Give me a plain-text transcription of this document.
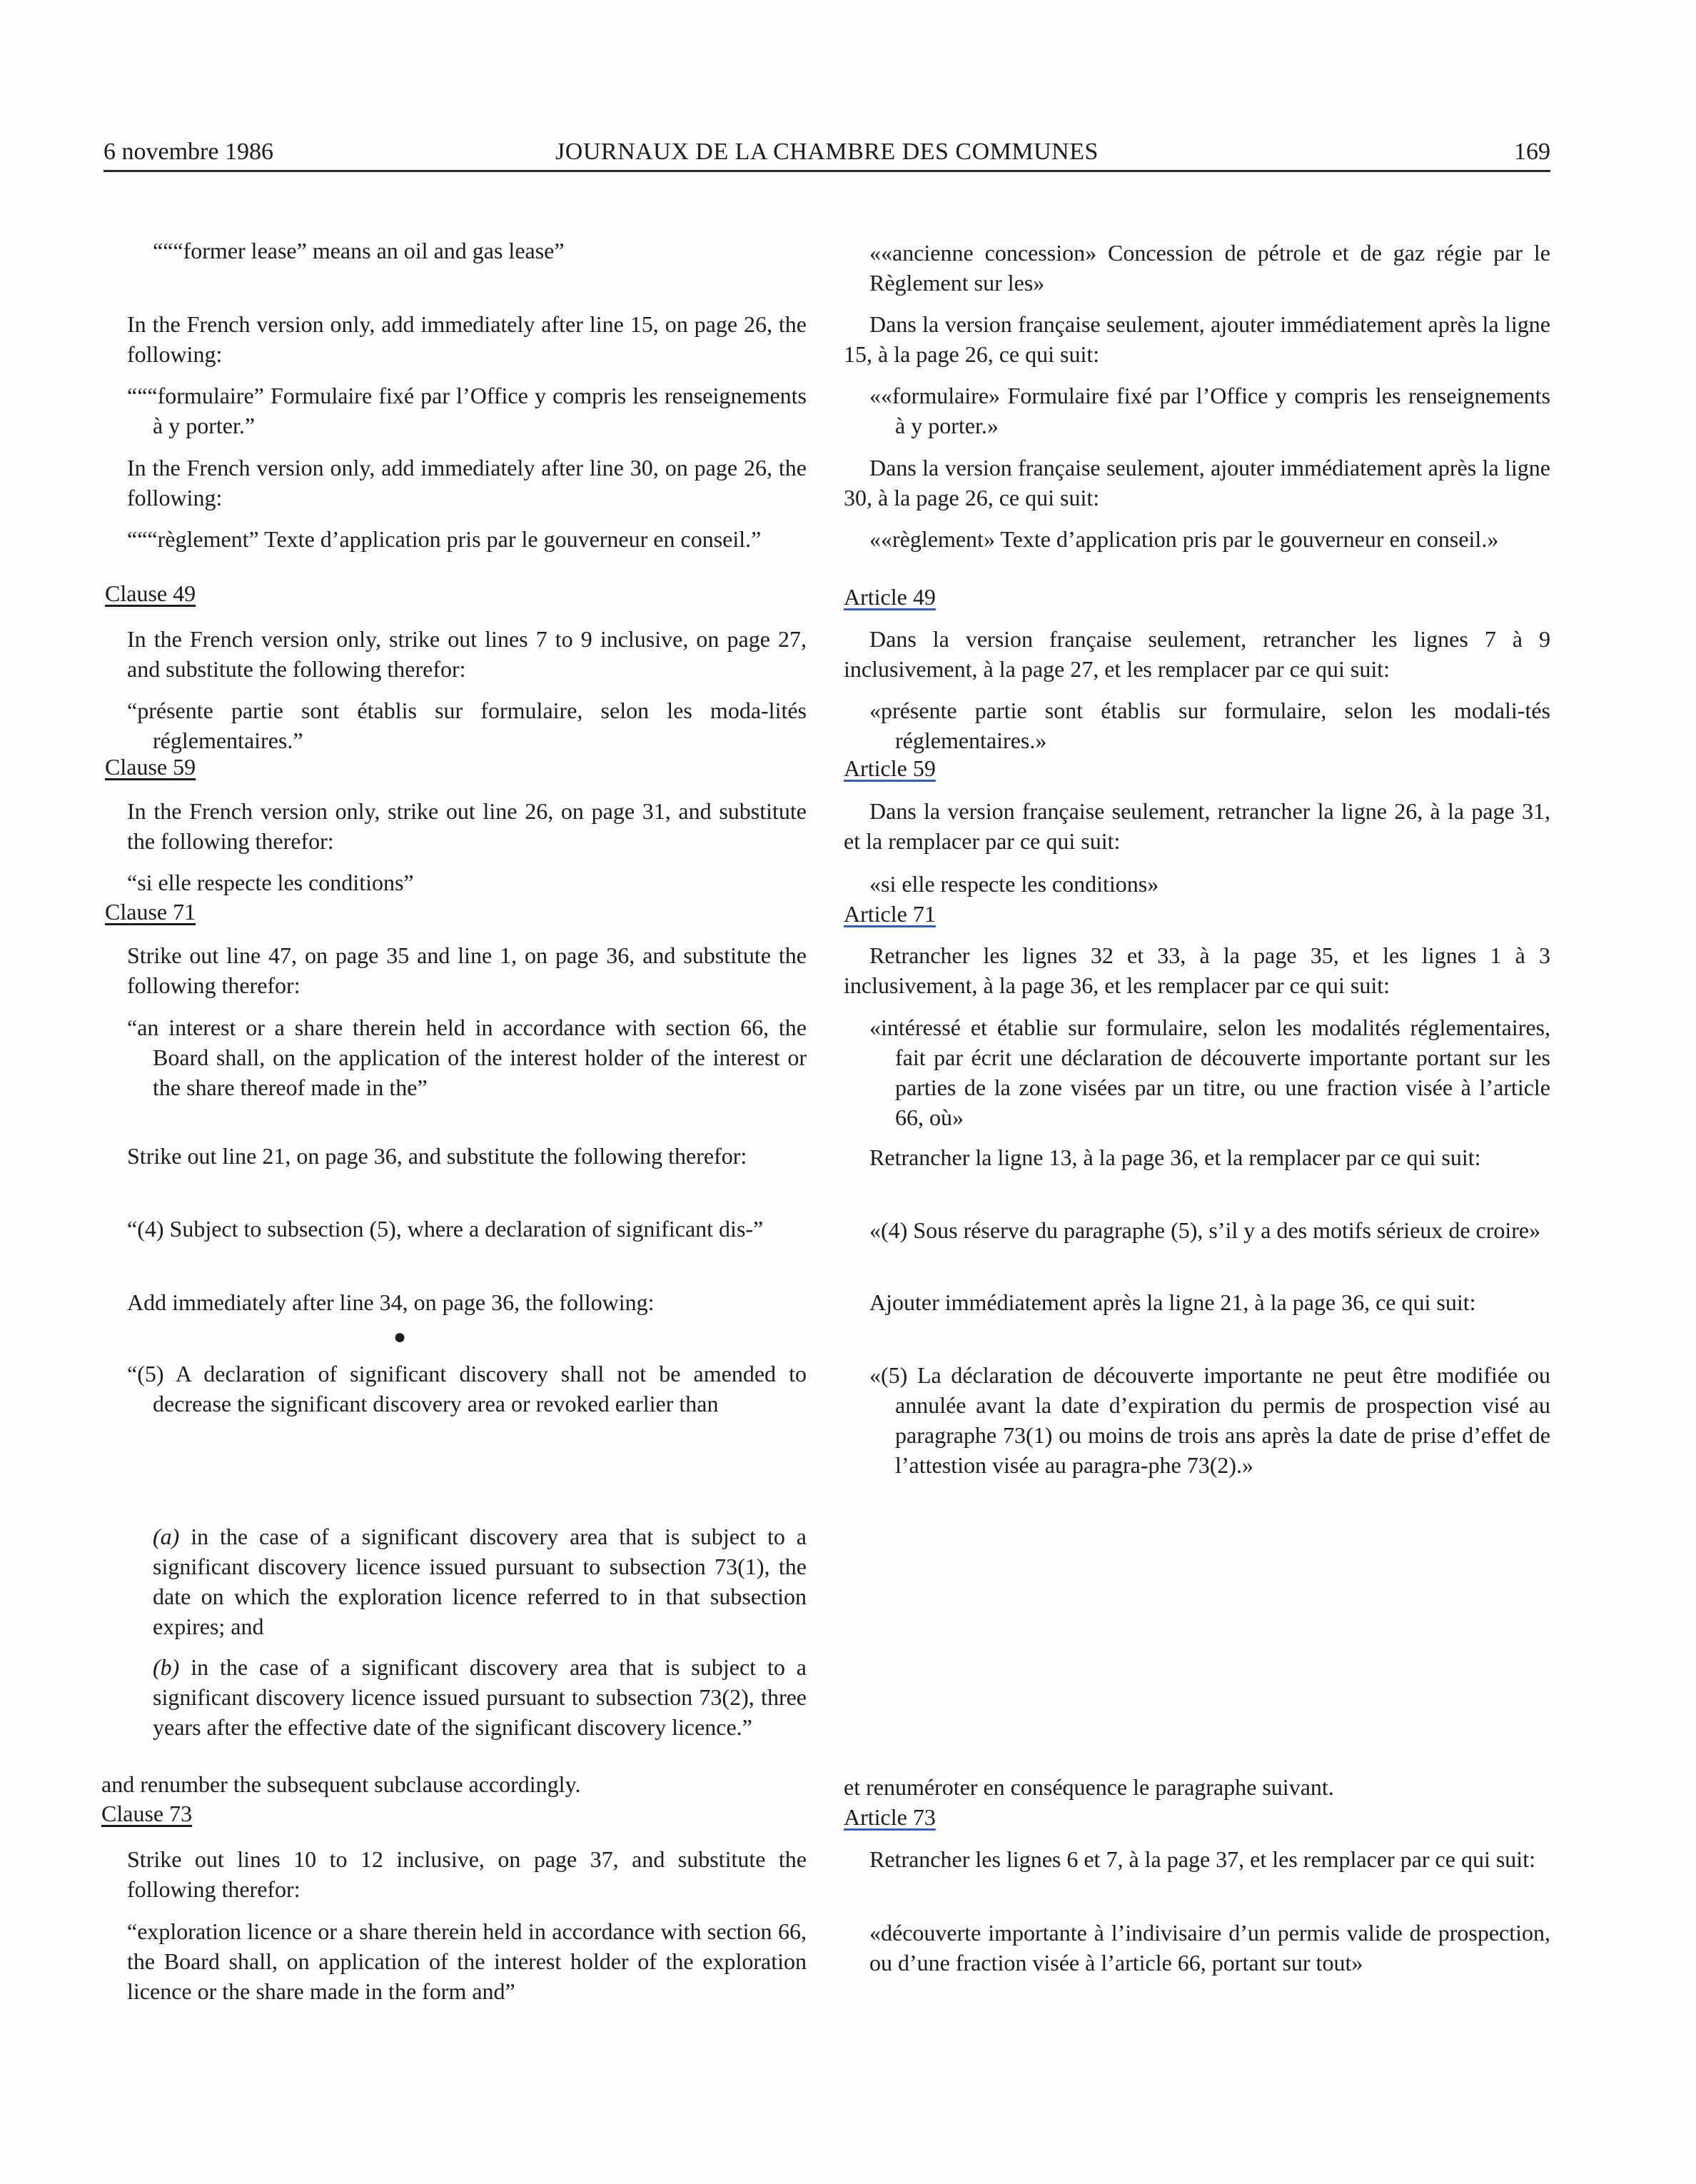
6 novembre 1986	JOURNAUX DE LA CHAMBRE DES COMMUNES	169

“““former lease” means an oil and gas lease”

In the French version only, add immediately after line 15, on page 26, the following:

“““formulaire” Formulaire fixé par l’Office y compris les renseignements à y porter.”

In the French version only, add immediately after line 30, on page 26, the following:

“““règlement” Texte d’application pris par le gouverneur en conseil.”

Clause 49

In the French version only, strike out lines 7 to 9 inclusive, on page 27, and substitute the following therefor:

“présente partie sont établis sur formulaire, selon les moda-lités réglementaires.”

Clause 59

In the French version only, strike out line 26, on page 31, and substitute the following therefor:

“si elle respecte les conditions”

Clause 71

Strike out line 47, on page 35 and line 1, on page 36, and substitute the following therefor:

“an interest or a share therein held in accordance with section 66, the Board shall, on the application of the interest holder of the interest or the share thereof made in the”

Strike out line 21, on page 36, and substitute the following therefor:

“(4) Subject to subsection (5), where a declaration of significant dis-”

Add immediately after line 34, on page 36, the following:

●

“(5) A declaration of significant discovery shall not be amended to decrease the significant discovery area or revoked earlier than

(a) in the case of a significant discovery area that is subject to a significant discovery licence issued pursuant to subsection 73(1), the date on which the exploration licence referred to in that subsection expires; and

(b) in the case of a significant discovery area that is subject to a significant discovery licence issued pursuant to subsection 73(2), three years after the effective date of the significant discovery licence.”

and renumber the subsequent subclause accordingly.

Clause 73

Strike out lines 10 to 12 inclusive, on page 37, and substitute the following therefor:

“exploration licence or a share therein held in accordance with section 66, the Board shall, on application of the interest holder of the exploration licence or the share made in the form and”

««ancienne concession» Concession de pétrole et de gaz régie par le Règlement sur les»

Dans la version française seulement, ajouter immédiatement après la ligne 15, à la page 26, ce qui suit:

««formulaire» Formulaire fixé par l’Office y compris les renseignements à y porter.»

Dans la version française seulement, ajouter immédiatement après la ligne 30, à la page 26, ce qui suit:

««règlement» Texte d’application pris par le gouverneur en conseil.»

Article 49

Dans la version française seulement, retrancher les lignes 7 à 9 inclusivement, à la page 27, et les remplacer par ce qui suit:

«présente partie sont établis sur formulaire, selon les modali-tés réglementaires.»

Article 59

Dans la version française seulement, retrancher la ligne 26, à la page 31, et la remplacer par ce qui suit:

«si elle respecte les conditions»

Article 71

Retrancher les lignes 32 et 33, à la page 35, et les lignes 1 à 3 inclusivement, à la page 36, et les remplacer par ce qui suit:

«intéressé et établie sur formulaire, selon les modalités réglementaires, fait par écrit une déclaration de découverte importante portant sur les parties de la zone visées par un titre, ou une fraction visée à l’article 66, où»

Retrancher la ligne 13, à la page 36, et la remplacer par ce qui suit:

«(4) Sous réserve du paragraphe (5), s’il y a des motifs sérieux de croire»

Ajouter immédiatement après la ligne 21, à la page 36, ce qui suit:

«(5) La déclaration de découverte importante ne peut être modifiée ou annulée avant la date d’expiration du permis de prospection visé au paragraphe 73(1) ou moins de trois ans après la date de prise d’effet de l’attestion visée au paragra-phe 73(2).»

et renuméroter en conséquence le paragraphe suivant.

Article 73

Retrancher les lignes 6 et 7, à la page 37, et les remplacer par ce qui suit:

«découverte importante à l’indivisaire d’un permis valide de prospection, ou d’une fraction visée à l’article 66, portant sur tout»
